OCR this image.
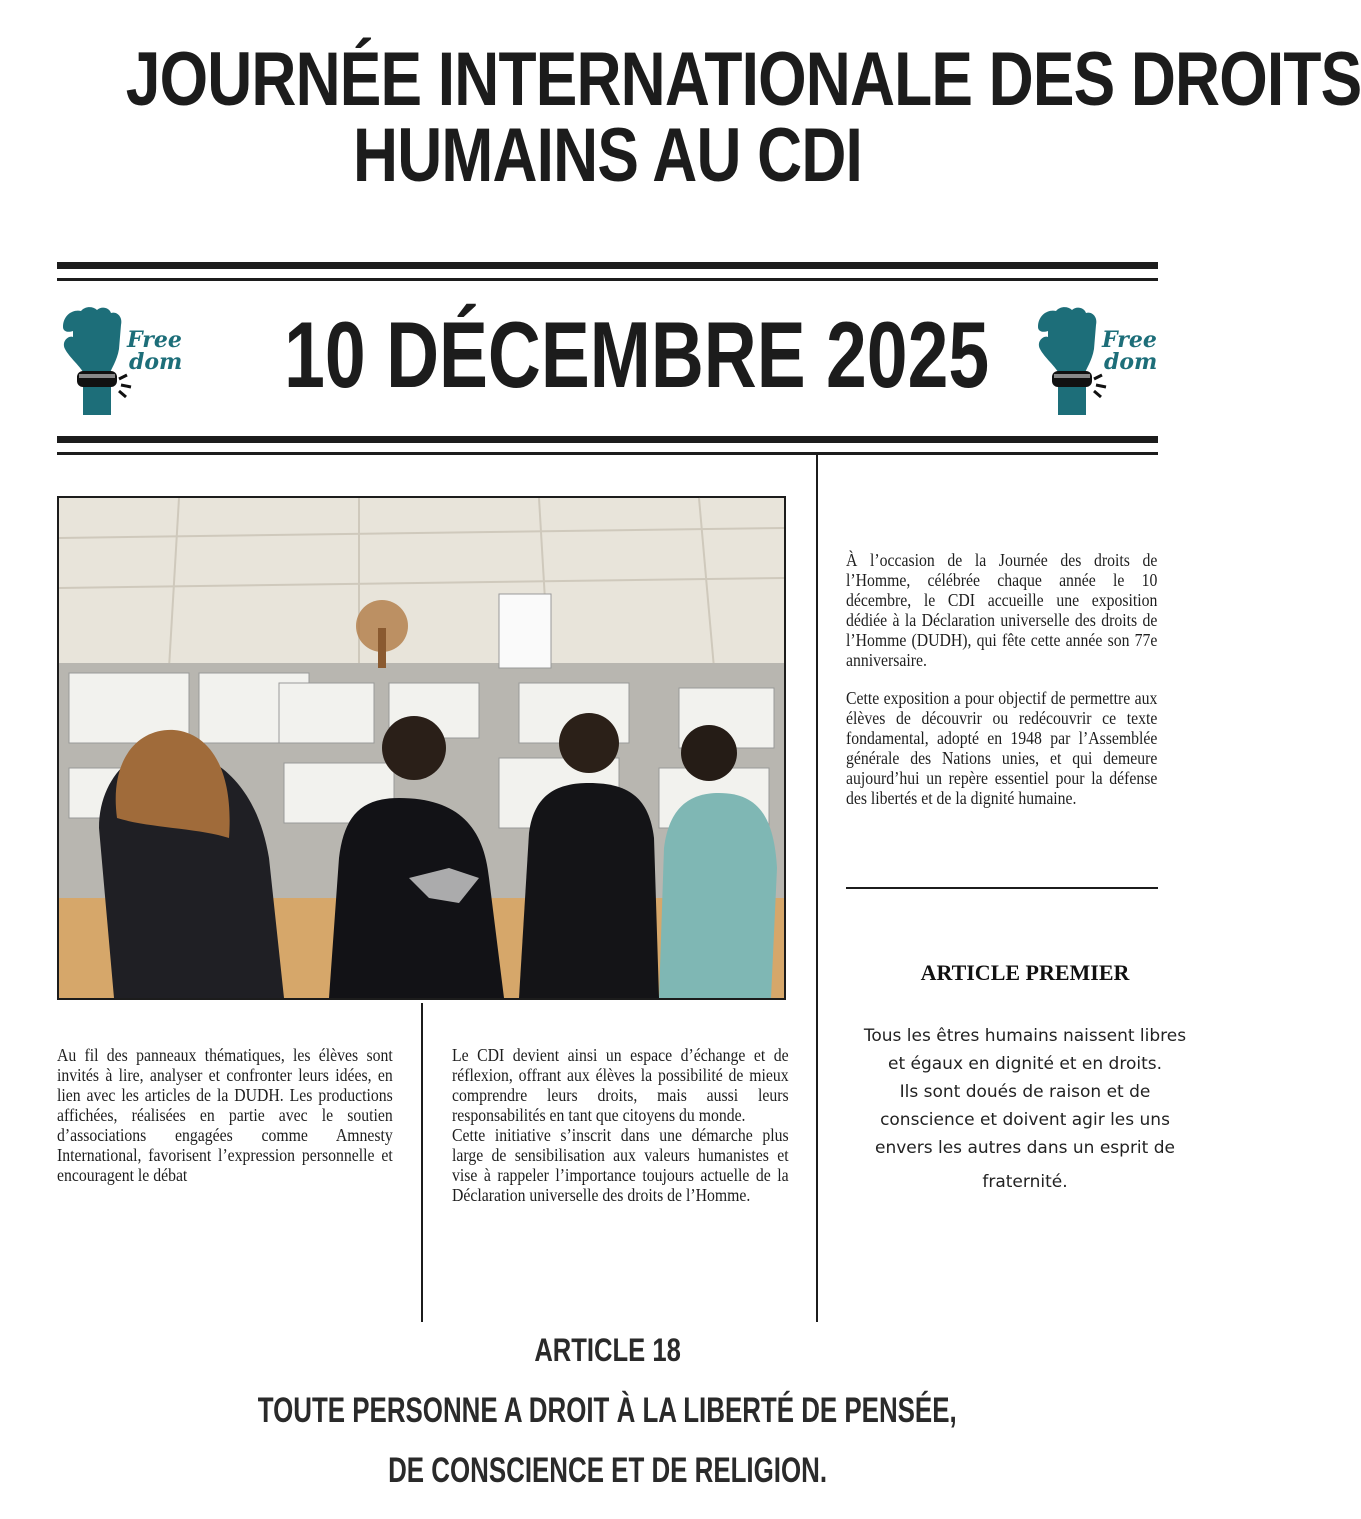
JOURNÉE INTERNATIONALE DES DROITS
HUMAINS AU CDI
Free
dom
Free
dom
10 DÉCEMBRE 2025

Au fil des panneaux thématiques, les élèves sont invités à lire, analyser et confronter leurs idées, en lien avec les articles de la DUDH. Les productions affichées, réalisées en partie avec le soutien d’associations engagées comme Amnesty International, favorisent l’expression personnelle et encouragent le débat

Le CDI devient ainsi un espace d’échange et de réflexion, offrant aux élèves la possibilité de mieux comprendre leurs droits, mais aussi leurs responsabilités en tant que citoyens du monde.

Cette initiative s’inscrit dans une démarche plus large de sensibilisation aux valeurs humanistes et vise à rappeler l’importance toujours actuelle de la Déclaration universelle des droits de l’Homme.

À l’occasion de la Journée des droits de l’Homme, célébrée chaque année le 10 décembre, le CDI accueille une exposition dédiée à la Déclaration universelle des droits de l’Homme (DUDH), qui fête cette année son 77e anniversaire.

Cette exposition a pour objectif de permettre aux élèves de découvrir ou redécouvrir ce texte fondamental, adopté en 1948 par l’Assemblée générale des Nations unies, et qui demeure aujourd’hui un repère essentiel pour la défense des libertés et de la dignité humaine.

ARTICLE PREMIER
Tous les êtres humains naissent libres
et égaux en dignité et en droits.
Ils sont doués de raison et de
conscience et doivent agir les uns
envers les autres dans un esprit de
fraternité.
ARTICLE 18
TOUTE PERSONNE A DROIT À LA LIBERTÉ DE PENSÉE,
DE CONSCIENCE ET DE RELIGION.
